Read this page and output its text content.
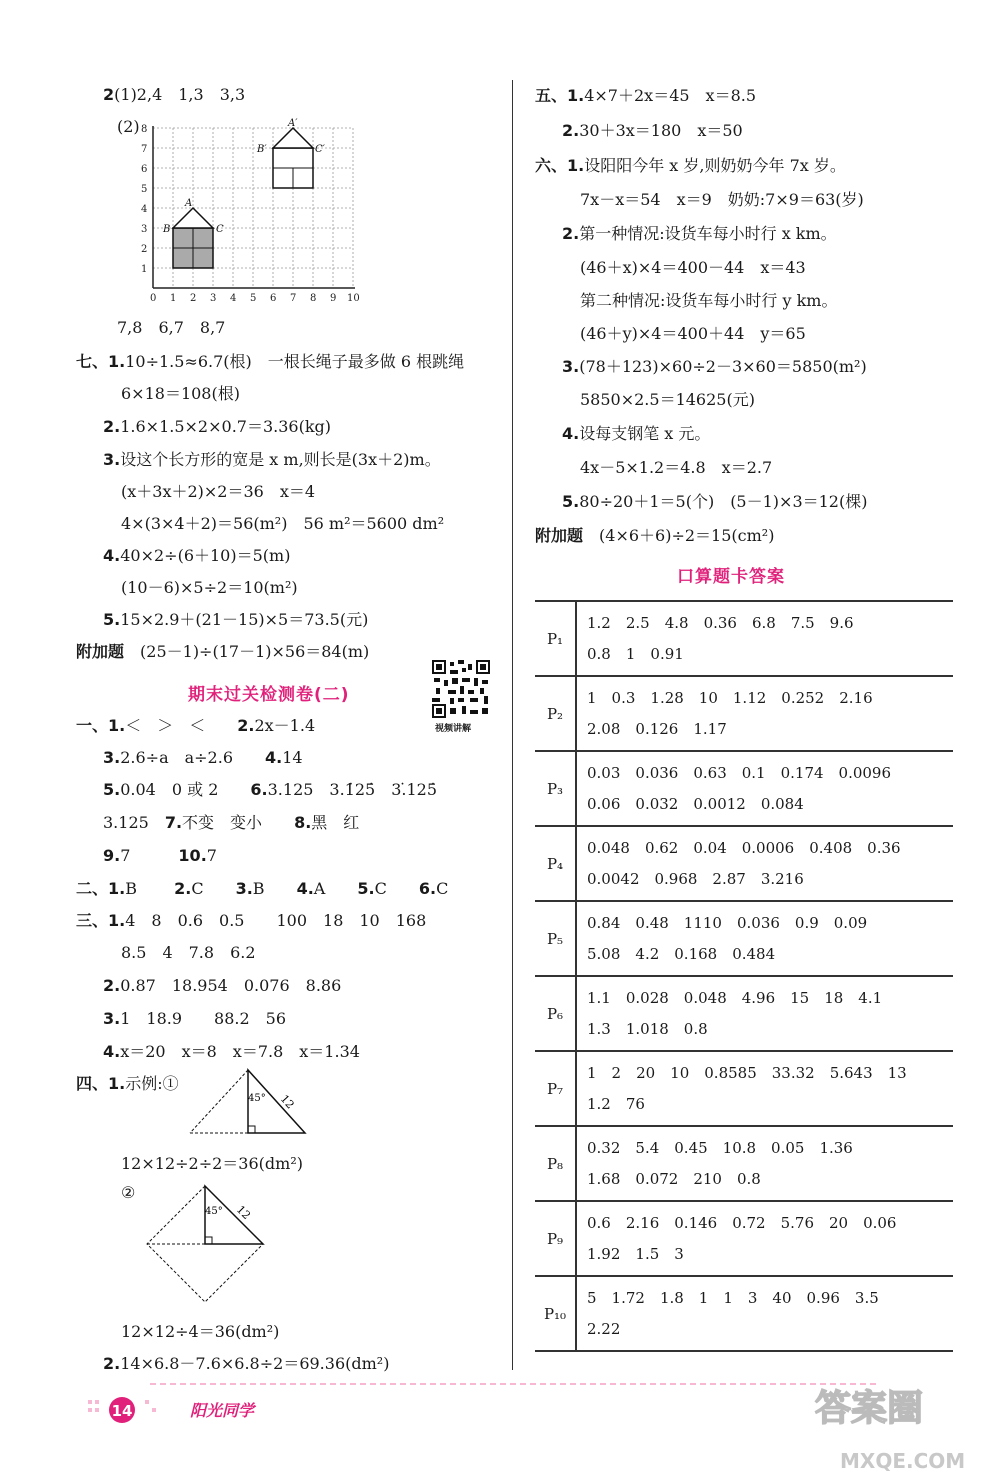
2(1)2,4　1,3　3,3
(2)
1
2
3
4
5
6
7
8
0 1 2 3 4 5 6 7 8 9 10
A
B	C
A′
B′	C′
7,8　6,7　8,7
七、1.10÷1.5≈6.7(根)　一根长绳子最多做 6 根跳绳
6×18＝108(根)
2.1.6×1.5×2×0.7＝3.36(kg)
3.设这个长方形的宽是 x m,则长是(3x＋2)m。
(x＋3x＋2)×2＝36　x＝4
4×(3×4＋2)＝56(m²)　56 m²＝5600 dm²
4.40×2÷(6＋10)＝5(m)
(10－6)×5÷2＝10(m²)
5.15×2.9＋(21－15)×5＝73.5(元)
附加题　 (25－1)÷(17－1)×56＝84(m)
期末过关检测卷(二)
视频讲解
一、1.＜　＞　＜　　 2.2x－1.4
3.2.6÷a　a÷2.6　　 4.14
5.0.04　0 或 2　　 6.3.125　3.1̇25̇　3.̇125̇
3.125　 7.不变　变小　　 8.黑　红
9.7　　　	10.7
二、1.B 　　 2.C　　 3.B　　 4.A　　 5.C　　 6.C
三、1.4　8　0.6　0.5　　100　18　10　168
8.5　4　7.8　6.2
2.0.87　18.954　0.076　8.86
3.1　18.9　　88.2　56
4.x＝20　x＝8　x＝7.8　x＝1.34
四、1.示例:①
45° 12
12×12÷2÷2＝36(dm²)
②
45° 12
12×12÷4＝36(dm²)
2.14×6.8－7.6×6.8÷2＝69.36(dm²)
五、1.4×7＋2x＝45　x＝8.5
2.30＋3x＝180　x＝50
六、1.设阳阳今年 x 岁,则奶奶今年 7x 岁。
7x－x＝54　x＝9　奶奶:7×9＝63(岁)
2.第一种情况:设货车每小时行 x km。
(46＋x)×4＝400－44　x＝43
第二种情况:设货车每小时行 y km。
(46＋y)×4＝400＋44　y＝65
3.(78＋123)×60÷2－3×60＝5850(m²)
5850×2.5＝14625(元)
4.设每支钢笔 x 元。
4x－5×1.2＝4.8　x＝2.7
5.80÷20＋1＝5(个)　(5－1)×3＝12(棵)
附加题　 (4×6＋6)÷2＝15(cm²)
口算题卡答案
P₁	1.2　2.5　4.8　0.36　6.8　7.5　9.6
0.8　1　0.91

P₂	1　0.3　1.28　10　1.12　0.252　2.16
2.08　0.126　1.17

P₃	0.03　0.036　0.63　0.1　0.174　0.0096
0.06　0.032　0.0012　0.084

P₄	0.048　0.62　0.04　0.0006　0.408　0.36
0.0042　0.968　2.87　3.216

P₅	0.84　0.48　1110　0.036　0.9　0.09
5.08　4.2　0.168　0.484

P₆	1.1　0.028　0.048　4.96　15　18　4.1
1.3　1.018　0.8

P₇	1　2　20　10　0.8585　33.32　5.643　13
1.2　76

P₈	0.32　5.4　0.45　10.8　0.05　1.36
1.68　0.072　210　0.8

P₉	0.6　2.16　0.146　0.72　5.76　20　0.06
1.92　1.5　3

P₁₀	5　1.72　1.8　1　1　3　40　0.96　3.5
2.22
14	阳光同学	答案圈
MXQE.COM
